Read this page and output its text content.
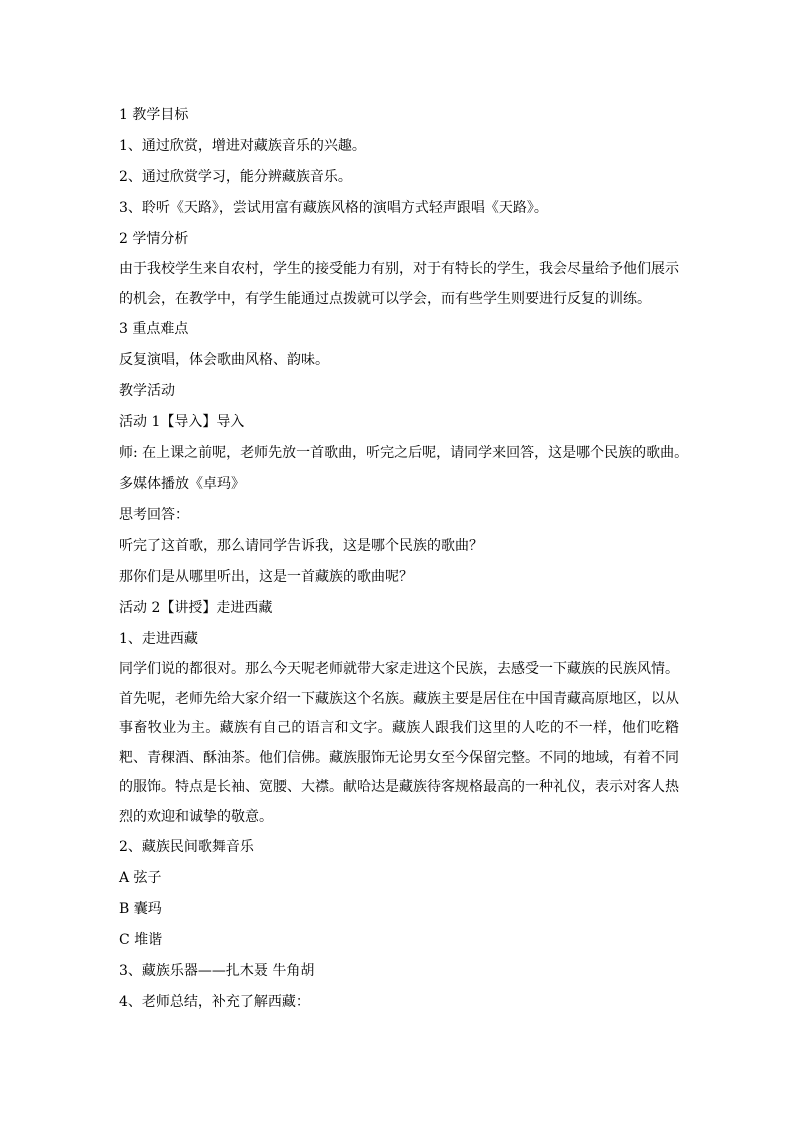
1 教学目标
1、通过欣赏，增进对藏族音乐的兴趣。
2、通过欣赏学习，能分辨藏族音乐。
3、聆听《天路》，尝试用富有藏族风格的演唱方式轻声跟唱《天路》。
2 学情分析

由于我校学生来自农村，学生的接受能力有别，对于有特长的学生，我会尽量给予他们展示的机会，在教学中，有学生能通过点拨就可以学会，而有些学生则要进行反复的训练。

3 重点难点
反复演唱，体会歌曲风格、韵味。
教学活动
活动 1【导入】导入
师: 在上课之前呢，老师先放一首歌曲，听完之后呢，请同学来回答，这是哪个民族的歌曲。
多媒体播放《卓玛》
思考回答：
听完了这首歌，那么请同学告诉我，这是哪个民族的歌曲？
那你们是从哪里听出，这是一首藏族的歌曲呢？
活动 2【讲授】走进西藏
1、走进西藏

同学们说的都很对。那么今天呢老师就带大家走进这个民族，去感受一下藏族的民族风情。首先呢，老师先给大家介绍一下藏族这个名族。藏族主要是居住在中国青藏高原地区，以从事畜牧业为主。藏族有自己的语言和文字。藏族人跟我们这里的人吃的不一样，他们吃糌粑、青稞酒、酥油茶。他们信佛。藏族服饰无论男女至今保留完整。不同的地域，有着不同的服饰。特点是长袖、宽腰、大襟。献哈达是藏族待客规格最高的一种礼仪，表示对客人热烈的欢迎和诚挚的敬意。

2、藏族民间歌舞音乐
A 弦子
B 囊玛
C 堆谐
3、藏族乐器——扎木聂 牛角胡
4、老师总结，补充了解西藏：
